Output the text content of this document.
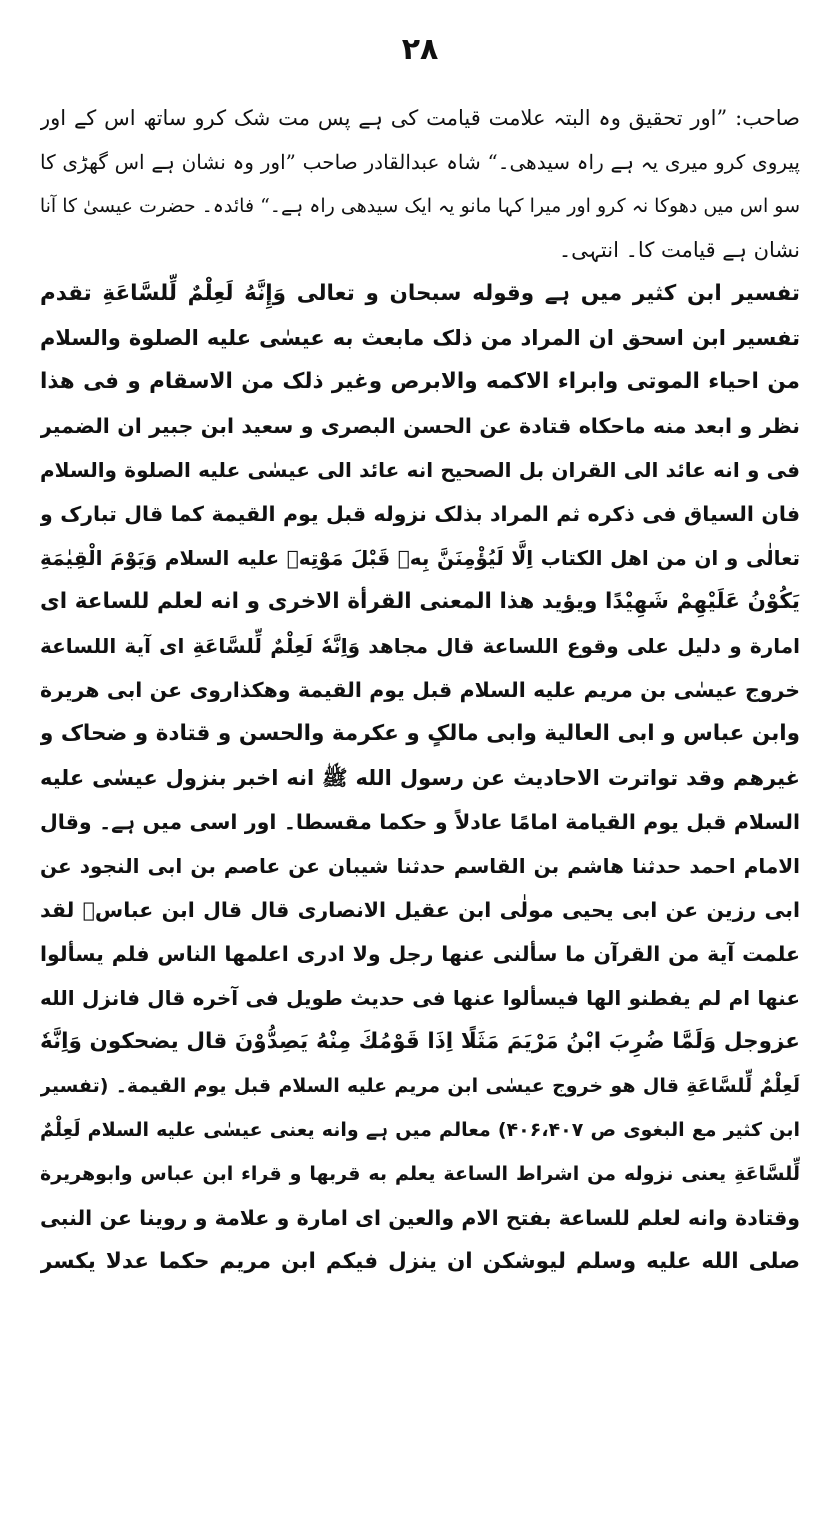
۲۸
صاحب: ”اور تحقیق وہ البتہ علامت قیامت کی ہے پس مت شک کرو ساتھ اس کے اور
پیروی کرو میری یہ ہے راہ سیدھی۔“ شاہ عبدالقادر صاحب ”اور وہ نشان ہے اس گھڑی کا
سو اس میں دھوکا نہ کرو اور میرا کہا مانو یہ ایک سیدھی راہ ہے۔“ فائدہ۔ حضرت عیسیٰ کا آنا
نشان ہے قیامت کا۔ انتہی۔
تفسیر ابن کثیر میں ہے وقوله سبحان و تعالى وَإِنَّهُ لَعِلْمٌ لِّلسَّاعَةِ تقدم
تفسیر ابن اسحق ان المراد من ذلک مابعث به عیسٰی علیه الصلوة والسلام
من احیاء الموتی وابراء الاکمه والابرص وغیر ذلک من الاسقام و فی هذا
نظر و ابعد منه ماحکاه قتادة عن الحسن البصری و سعید ابن جبیر ان الضمیر
فی و انه عائد الی القران بل الصحیح انه عائد الی عیسٰی علیه الصلوة والسلام
فان السیاق فی ذکره ثم المراد بذلک نزوله قبل یوم القیمة کما قال تبارک و
تعالٰی و ان من اهل الکتاب اِلَّا لَيُؤْمِنَنَّ بِهٖ قَبْلَ مَوْتِهٖ علیه السلام وَيَوْمَ الْقِيٰمَةِ
يَكُوْنُ عَلَيْهِمْ شَهِيْدًا ویؤید هذا المعنی القرأة الاخری و انه لعلم للساعة ای
امارة و دلیل علی وقوع اللساعة قال مجاهد وَاِنَّهٗ لَعِلْمٌ لِّلسَّاعَةِ ای آیة اللساعة
خروج عیسٰی بن مریم علیه السلام قبل یوم القیمة وهکذاروی عن ابی هریرة
وابن عباس و ابی العالیة وابی مالکٍ و عکرمة والحسن و قتادة و ضحاک و
غیرهم وقد تواترت الاحادیث عن رسول الله ﷺ انه اخبر بنزول عیسٰی علیه
السلام قبل یوم القیامة امامًا عادلاً و حکما مقسطا۔ اور اسی میں ہے۔ وقال
الامام احمد حدثنا هاشم بن القاسم حدثنا شیبان عن عاصم بن ابی النجود عن
ابی رزین عن ابی یحیی مولٰی ابن عقیل الانصاری قال قال ابن عباسؓ لقد
علمت آیة من القرآن ما سألنی عنها رجل ولا ادری اعلمها الناس فلم یسألوا
عنها ام لم یفطنو الها فیسألوا عنها فی حدیث طویل فی آخره قال فانزل الله
عزوجل وَلَمَّا ضُرِبَ ابْنُ مَرْيَمَ مَثَلًا اِذَا قَوْمُكَ مِنْهُ يَصِدُّوْنَ قال یضحکون وَاِنَّهٗ
لَعِلْمٌ لِّلسَّاعَةِ قال هو خروج عیسٰی ابن مریم علیه السلام قبل یوم القیمة۔ (تفسیر
ابن کثیر مع البغوی ص ۴۰۶،۴۰۷) معالم میں ہے وانه یعنی عیسٰی علیه السلام لَعِلْمٌ
لِّلسَّاعَةِ یعنی نزوله من اشراط الساعة یعلم به قربها و قراء ابن عباس وابوهریرة
وقتادة وانه لعلم للساعة بفتح الام والعین ای امارة و علامة و روینا عن النبی
صلی الله علیه وسلم لیوشکن ان ینزل فیکم ابن مریم حکما عدلا یکسر
